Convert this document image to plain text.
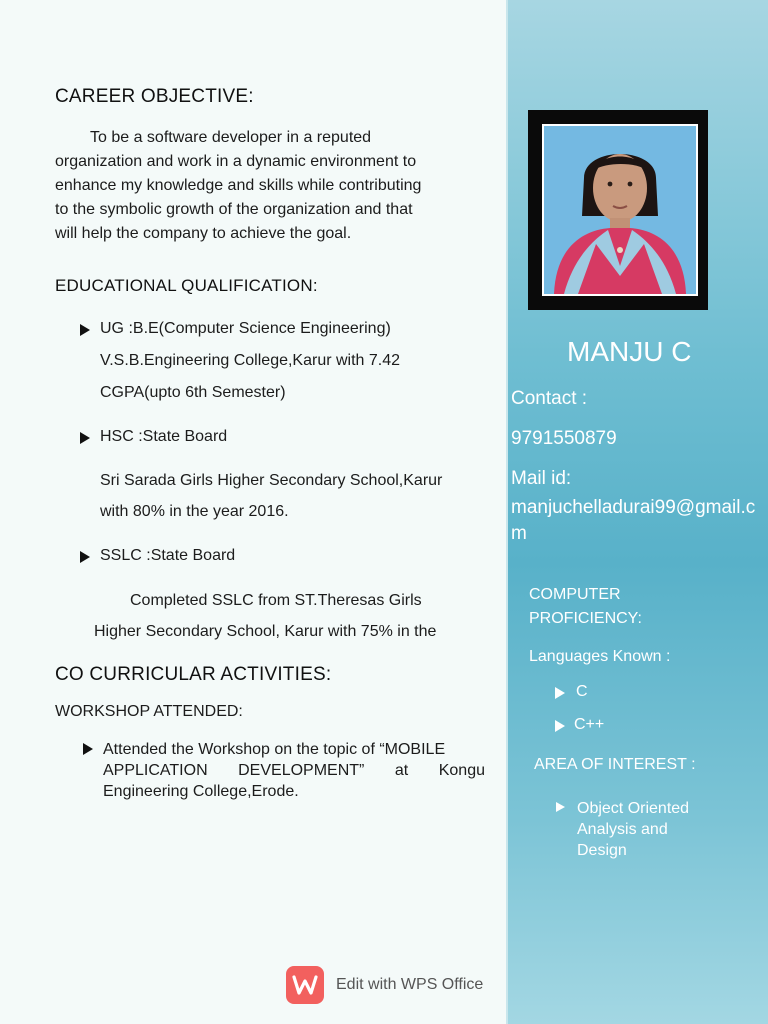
CAREER OBJECTIVE:
To be a software developer in a reputed
organization and work in a dynamic environment to
enhance my knowledge and skills while contributing
to the symbolic growth of the organization and that
will help the company to achieve the goal.
EDUCATIONAL QUALIFICATION:
UG :B.E(Computer Science Engineering)
V.S.B.Engineering College,Karur with 7.42
CGPA(upto 6th Semester)
HSC :State Board
Sri Sarada Girls Higher Secondary School,Karur
with 80% in the year 2016.
SSLC :State Board
Completed SSLC from ST.Theresas Girls
Higher Secondary School, Karur with 75% in the
CO CURRICULAR ACTIVITIES:
WORKSHOP ATTENDED:
Attended the Workshop on the topic of “MOBILE
APPLICATION DEVELOPMENT” at Kongu
Engineering College,Erode.
Edit with WPS Office
MANJU C
Contact :
9791550879
Mail id:
manjuchelladurai99@gmail.c
m
COMPUTER
PROFICIENCY:
Languages Known :
C
C++
AREA OF INTEREST :
Object Oriented
Analysis and
Design
